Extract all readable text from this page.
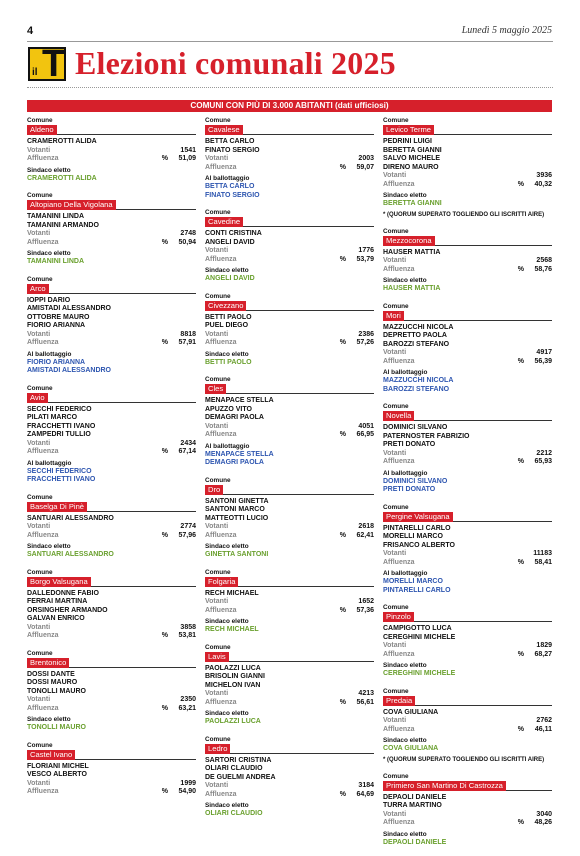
4	Lunedì 5 maggio 2025
il T Elezioni comunali 2025
COMUNI CON PIÙ DI 3.000 ABITANTI (dati ufficiosi)
Comune
Aldeno
CRAMEROTTI ALIDA
Votanti	1541
Affluenza	% 51,09
Sindaco eletto
CRAMEROTTI ALIDA
Comune
Altopiano Della Vigolana
TAMANINI LINDA
TAMANINI ARMANDO
Votanti	2748
Affluenza	% 50,94
Sindaco eletto
TAMANINI LINDA
Comune
Arco
IOPPI DARIO
AMISTADI ALESSANDRO
OTTOBRE MAURO
FIORIO ARIANNA
Votanti	8818
Affluenza	% 57,91
Al ballottaggio
FIORIO ARIANNA
AMISTADI ALESSANDRO
Comune
Avio
SECCHI FEDERICO
PILATI MARCO
FRACCHETTI IVANO
ZAMPEDRI TULLIO
Votanti	2434
Affluenza	% 67,14
Al ballottaggio
SECCHI FEDERICO
FRACCHETTI IVANO
Comune
Baselga Di Pinè
SANTUARI ALESSANDRO
Votanti	2774
Affluenza	% 57,96
Sindaco eletto
SANTUARI ALESSANDRO
Comune
Borgo Valsugana
DALLEDONNE FABIO
FERRAI MARTINA
ORSINGHER ARMANDO
GALVAN ENRICO
Votanti	3858
Affluenza	% 53,81
Comune
Brentonico
DOSSI DANTE
DOSSI MAURO
TONOLLI MAURO
Votanti	2350
Affluenza	% 63,21
Sindaco eletto
TONOLLI MAURO
Comune
Castel Ivano
FLORIANI MICHEL
VESCO ALBERTO
Votanti	1999
Affluenza	% 54,90
Comune
Cavalese
BETTA CARLO
FINATO SERGIO
Votanti	2003
Affluenza	% 59,07
Al ballottaggio
BETTA CARLO
FINATO SERGIO
Comune
Cavedine
CONTI CRISTINA
ANGELI DAVID
Votanti	1776
Affluenza	% 53,79
Sindaco eletto
ANGELI DAVID
Comune
Civezzano
BETTI PAOLO
PUEL DIEGO
Votanti	2386
Affluenza	% 57,26
Sindaco eletto
BETTI PAOLO
Comune
Cles
MENAPACE STELLA
APUZZO VITO
DEMAGRI PAOLA
Votanti	4051
Affluenza	% 66,95
Al ballottaggio
MENAPACE STELLA
DEMAGRI PAOLA
Comune
Dro
SANTONI GINETTA
SANTONI MARCO
MATTEOTTI LUCIO
Votanti	2618
Affluenza	% 62,41
Sindaco eletto
GINETTA SANTONI
Comune
Folgaria
RECH MICHAEL
Votanti	1652
Affluenza	% 57,36
Sindaco eletto
RECH MICHAEL
Comune
Lavis
PAOLAZZI LUCA
BRISOLIN GIANNI
MICHELON IVAN
Votanti	4213
Affluenza	% 56,61
Sindaco eletto
PAOLAZZI LUCA
Comune
Ledro
SARTORI CRISTINA
OLIARI CLAUDIO
DE GUELMI ANDREA
Votanti	3184
Affluenza	% 64,69
Sindaco eletto
OLIARI CLAUDIO
Comune
Levico Terme
PEDRINI LUIGI
BERETTA GIANNI
SALVO MICHELE
DIRENO MAURO
Votanti	3936
Affluenza	% 40,32
Sindaco eletto
BERETTA GIANNI
* (QUORUM SUPERATO TOGLIENDO GLI ISCRITTI AIRE)
Comune
Mezzocorona
HAUSER MATTIA
Votanti	2568
Affluenza	% 58,76
Sindaco eletto
HAUSER MATTIA
Comune
Mori
MAZZUCCHI NICOLA
DEPRETTO PAOLA
BAROZZI STEFANO
Votanti	4917
Affluenza	% 56,39
Al ballottaggio
MAZZUCCHI NICOLA
BAROZZI STEFANO
Comune
Novella
DOMINICI SILVANO
PATERNOSTER FABRIZIO
PRETI DONATO
Votanti	2212
Affluenza	% 65,93
Al ballottaggio
DOMINICI SILVANO
PRETI DONATO
Comune
Pergine Valsugana
PINTARELLI CARLO
MORELLI MARCO
FRISANCO ALBERTO
Votanti	11183
Affluenza	% 58,41
Al ballottaggio
MORELLI MARCO
PINTARELLI CARLO
Comune
Pinzolo
CAMPIGOTTO LUCA
CEREGHINI MICHELE
Votanti	1829
Affluenza	% 68,27
Sindaco eletto
CEREGHINI MICHELE
Comune
Predaia
COVA GIULIANA
Votanti	2762
Affluenza	% 46,11
Sindaco eletto
COVA GIULIANA
* (QUORUM SUPERATO TOGLIENDO GLI ISCRITTI AIRE)
Comune
Primiero San Martino Di Castrozza
DEPAOLI DANIELE
TURRA MARTINO
Votanti	3040
Affluenza	% 48,26
Sindaco eletto
DEPAOLI DANIELE
